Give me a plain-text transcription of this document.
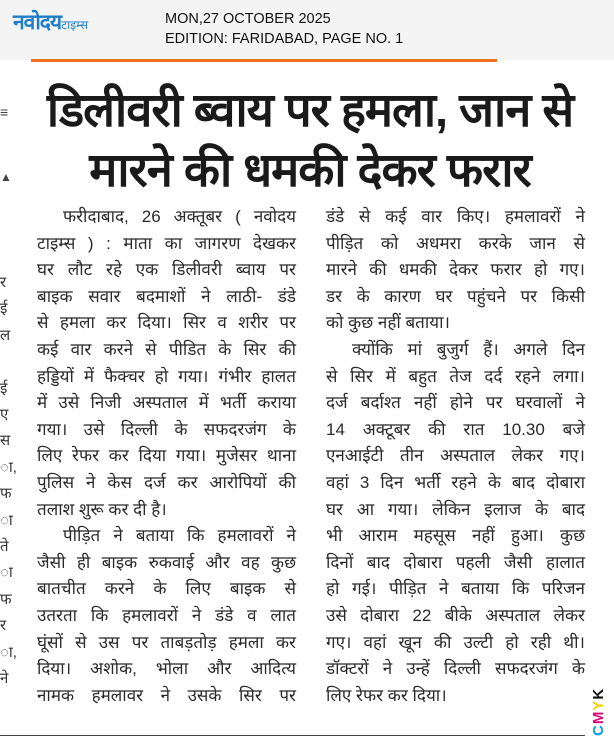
नवोदयटाइम्स	MON,27 OCTOBER 2025
EDITION: FARIDABAD, PAGE NO. 1
≡
▲
र
ई
ल

ई
ए
स
ा,
फ
ा
ते
ा
फ
र
ा,
ने
डिलीवरी ब्वाय पर हमला, जान से
मारने की धमकी देकर फरार
फरीदाबाद, 26 अक्तूबर ( नवोदय
टाइम्स ) : माता का जागरण देखकर
घर लौट रहे एक डिलीवरी ब्वाय पर
बाइक सवार बदमाशों ने लाठी- डंडे
से हमला कर दिया। सिर व शरीर पर
कई वार करने से पीडित के सिर की
हड्डियों में फैक्चर हो गया। गंभीर हालत
में उसे निजी अस्पताल में भर्ती कराया
गया। उसे दिल्ली के सफदरजंग के
लिए रेफर कर दिया गया। मुजेसर थाना
पुलिस ने केस दर्ज कर आरोपियों की
तलाश शुरू कर दी है।
पीड़ित ने बताया कि हमलावरों ने
जैसी ही बाइक रुकवाई और वह कुछ
बातचीत करने के लिए बाइक से
उतरता कि हमलावरों ने डंडे व लात
घूंसों से उस पर ताबड़तोड़ हमला कर
दिया। अशोक, भोला और आदित्य
नामक हमलावर ने उसके सिर पर
डंडे से कई वार किए। हमलावरों ने
पीड़ित को अधमरा करके जान से
मारने की धमकी देकर फरार हो गए।
डर के कारण घर पहुंचने पर किसी
को कुछ नहीं बताया।
क्योंकि मां बुजुर्ग हैं। अगले दिन
से सिर में बहुत तेज दर्द रहने लगा।
दर्ज बर्दाश्त नहीं होने पर घरवालों ने
14 अक्टूबर की रात 10.30 बजे
एनआईटी तीन अस्पताल लेकर गए।
वहां 3 दिन भर्ती रहने के बाद दोबारा
घर आ गया। लेकिन इलाज के बाद
भी आराम महसूस नहीं हुआ। कुछ
दिनों बाद दोबारा पहली जैसी हालात
हो गई। पीड़ित ने बताया कि परिजन
उसे दोबारा 22 बीके अस्पताल लेकर
गए। वहां खून की उल्टी हो रही थी।
डॉक्टरों ने उन्हें दिल्ली सफदरजंग के
लिए रेफर कर दिया।
CMYK
